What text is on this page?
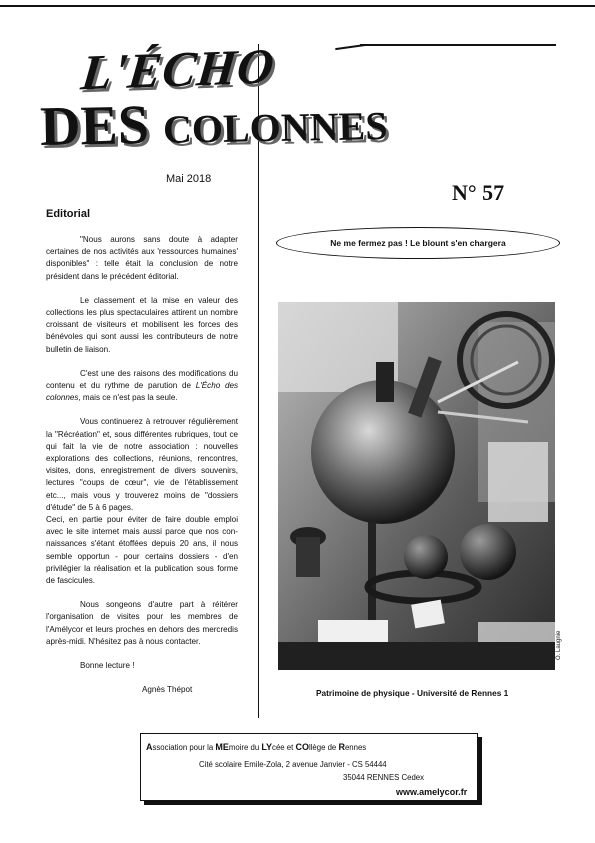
L'ÉCHO
DES COLONNES
Mai 2018
N° 57
Editorial

"Nous aurons sans doute à adapter certaines de nos activités aux 'ressources humaines' disponibles" : telle était la conclusion de notre président dans le précédent éditorial.

Le classement et la mise en valeur des collections les plus spectaculaires attirent un nombre croissant de visiteurs et mobilisent les forces des bénévoles qui sont aussi les contributeurs de notre bulletin de liaison.

C'est une des raisons des modifications du contenu et du rythme de parution de L'Écho des colonnes, mais ce n'est pas la seule.

Vous continuerez à retrouver régulièrement la "Récréation" et, sous différentes rubriques, tout ce qui fait la vie de notre association : nouvelles explorations des collections, réunions, rencontres, visites, dons, enregistrement de divers souvenirs, lectures "coups de cœur", vie de l'établissement etc..., mais vous y trouverez moins de "dossiers d'étude" de 5 à 6 pages.

Ceci, en partie pour éviter de faire double emploi avec le site internet mais aussi parce que nos connaissances s'étant étoffées depuis 20 ans, il nous semble opportun - pour certains dossiers - d'en privilégier la réalisation et la publication sous forme de fascicules.

Nous songeons d'autre part à réitérer l'organisation de visites pour les membres de l'Amélycor et leurs proches en dehors des mercredis après-midi. N'hésitez pas à nous contacter.

Bonne lecture !

Agnès Thépot

Ne me fermez pas ! Le blount s'en chargera
O. Laugnie
Patrimoine de physique - Université de Rennes 1
Association pour la MEmoire du LYcée et COllège de Rennes
Cité scolaire Emile-Zola, 2 avenue Janvier - CS 54444
35044 RENNES Cedex
www.amelycor.fr
